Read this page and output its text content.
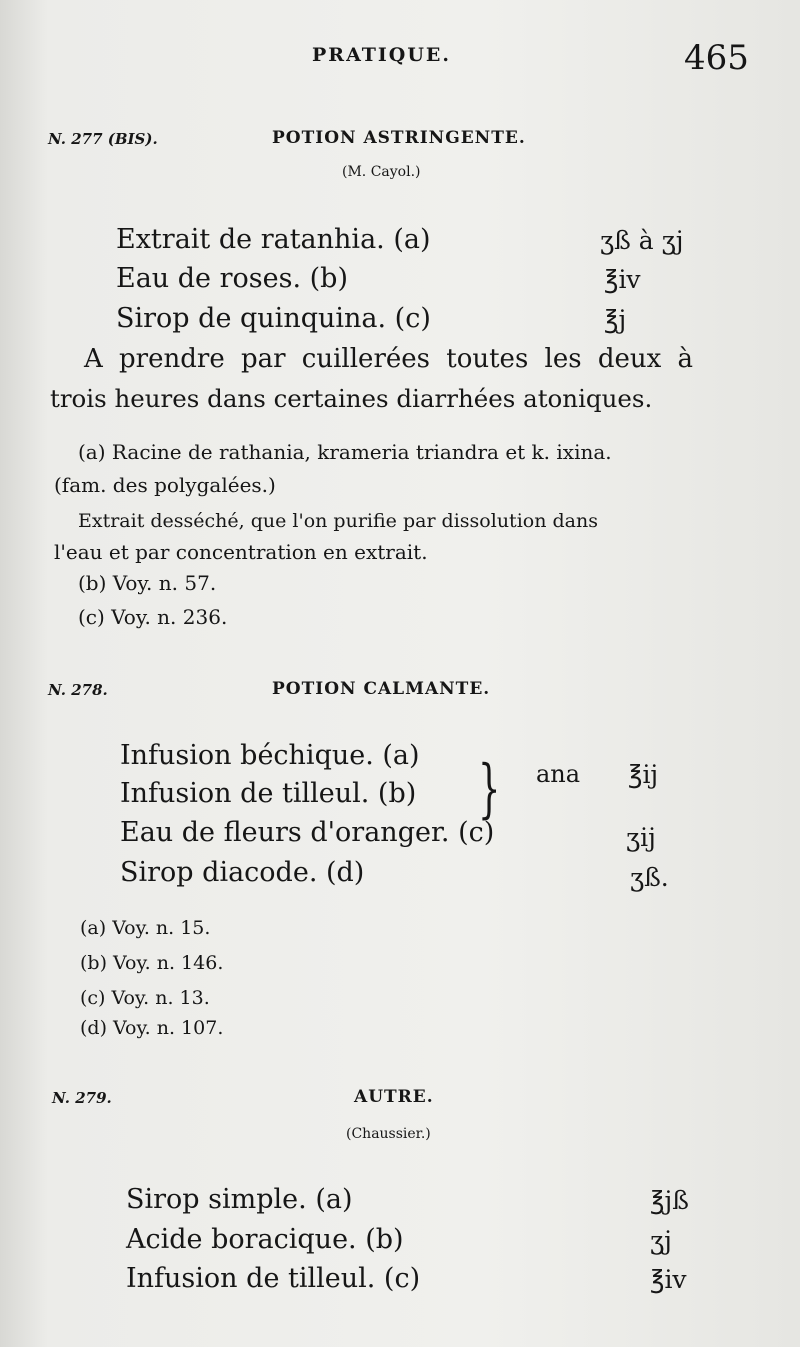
PRATIQUE.	465
N. 277 (BIS).	POTION ASTRINGENTE.
(M. Cayol.)
Extrait de ratanhia. (a)	ʒß à ʒj
Eau de roses. (b)	℥iv
Sirop de quinquina. (c)	℥j
A prendre par cuillerées toutes les deux à
trois heures dans certaines diarrhées atoniques.
(a) Racine de rathania, krameria triandra et k. ixina.
(fam. des polygalées.)
Extrait desséché, que l'on purifie par dissolution dans
l'eau et par concentration en extrait.
(b) Voy. n. 57.
(c) Voy. n. 236.
N. 278.	POTION CALMANTE.
Infusion béchique. (a)
Infusion de tilleul. (b) } ana ℥ij
Eau de fleurs d'oranger. (c)	ʒij
Sirop diacode. (d)	ʒß.
(a) Voy. n. 15.
(b) Voy. n. 146.
(c) Voy. n. 13.
(d) Voy. n. 107.
N. 279.	AUTRE.
(Chaussier.)
Sirop simple. (a)	℥jß
Acide boracique. (b)	ʒj
Infusion de tilleul. (c)	℥iv
